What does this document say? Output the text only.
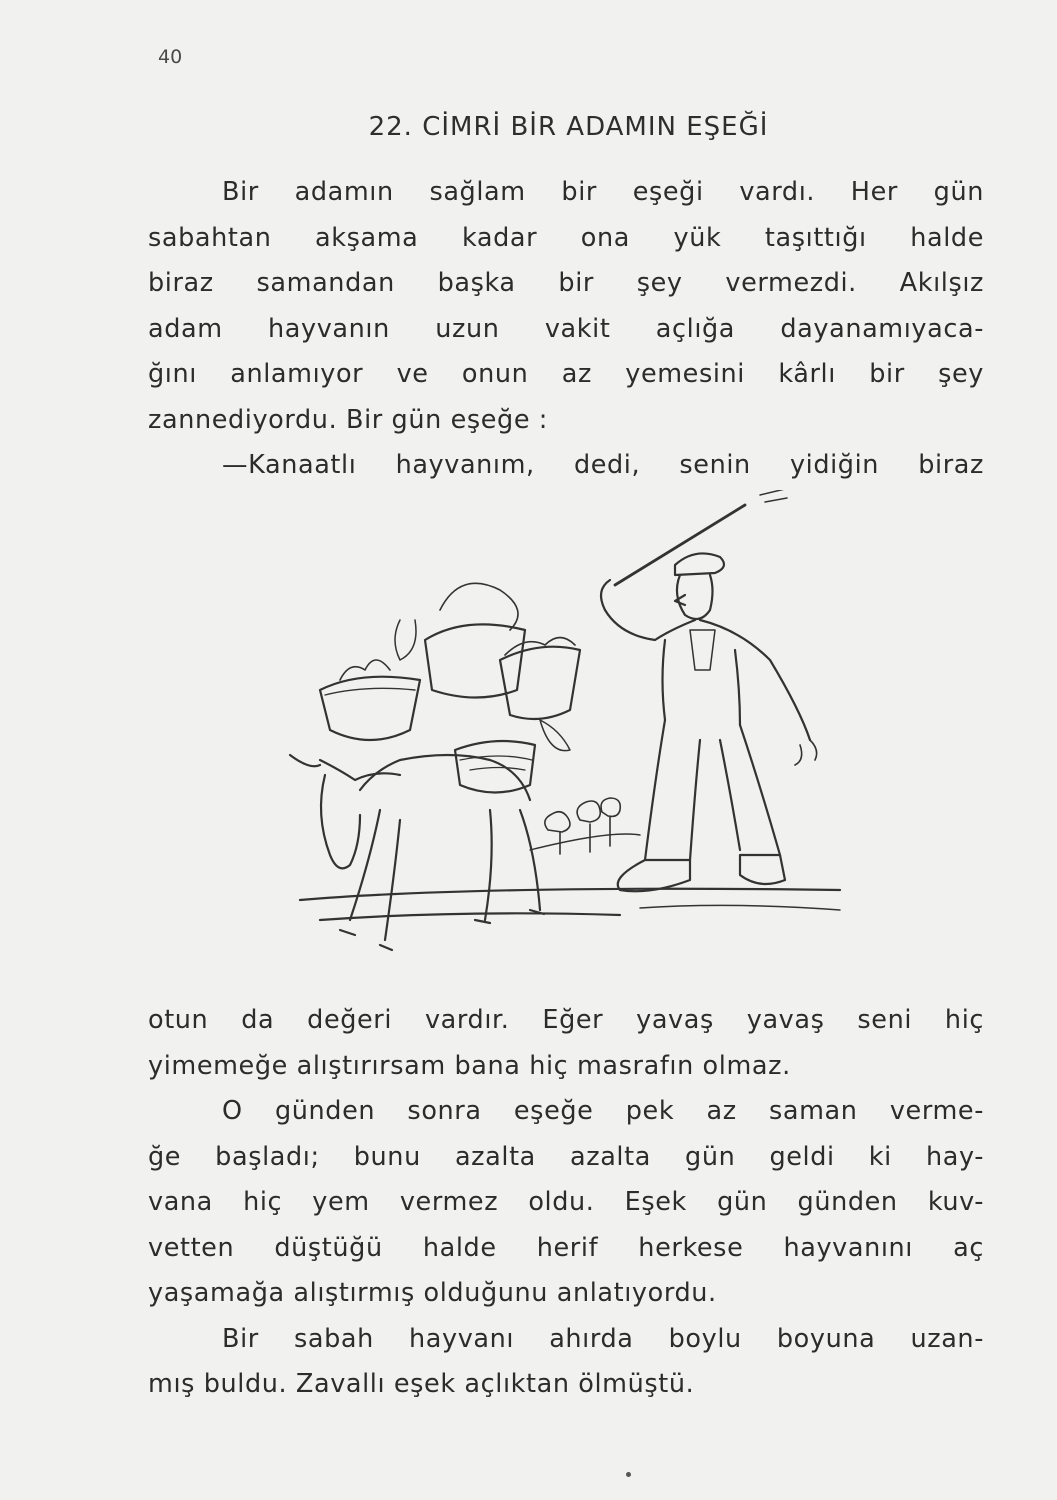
40
22. CİMRİ BİR ADAMIN EŞEĞİ
Bir adamın sağlam bir eşeği vardı. Her gün
sabahtan akşama kadar ona yük taşıttığı halde
biraz samandan başka bir şey vermezdi. Akılşız
adam hayvanın uzun vakit açlığa dayanamıyaca-
ğını anlamıyor ve onun az yemesini kârlı bir şey
zannediyordu. Bir gün eşeğe :
—Kanaatlı hayvanım, dedi, senin yidiğin biraz
otun da değeri vardır. Eğer yavaş yavaş seni hiç
yimemeğe alıştırırsam bana hiç masrafın olmaz.
O günden sonra eşeğe pek az saman verme-
ğe başladı; bunu azalta azalta gün geldi ki hay-
vana hiç yem vermez oldu. Eşek gün günden kuv-
vetten düştüğü halde herif herkese hayvanını aç
yaşamağa alıştırmış olduğunu anlatıyordu.
Bir sabah hayvanı ahırda boylu boyuna uzan-
mış buldu. Zavallı eşek açlıktan ölmüştü.
